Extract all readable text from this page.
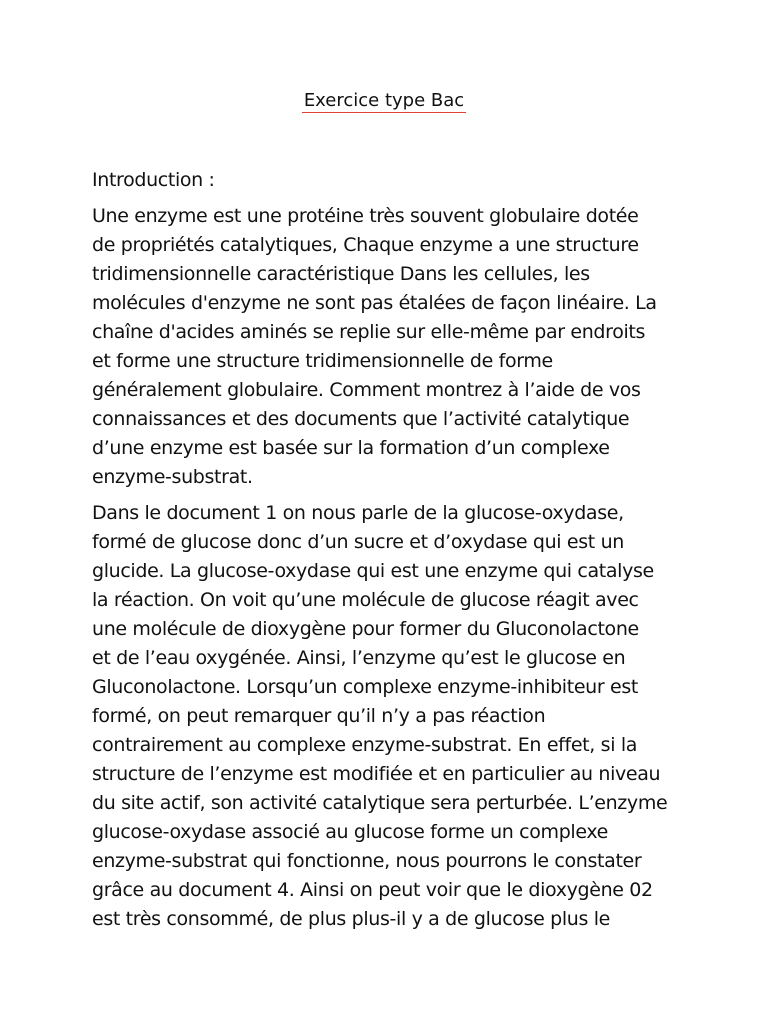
Exercice type Bac

Introduction :

Une enzyme est une protéine très souvent globulaire dotée
de propriétés catalytiques, Chaque enzyme a une structure
tridimensionnelle caractéristique Dans les cellules, les
molécules d'enzyme ne sont pas étalées de façon linéaire. La
chaîne d'acides aminés se replie sur elle-même par endroits
et forme une structure tridimensionnelle de forme
généralement globulaire. Comment montrez à l’aide de vos
connaissances et des documents que l’activité catalytique
d’une enzyme est basée sur la formation d’un complexe
enzyme-substrat.

Dans le document 1 on nous parle de la glucose-oxydase,
formé de glucose donc d’un sucre et d’oxydase qui est un
glucide. La glucose-oxydase qui est une enzyme qui catalyse
la réaction. On voit qu’une molécule de glucose réagit avec
une molécule de dioxygène pour former du Gluconolactone
et de l’eau oxygénée. Ainsi, l’enzyme qu’est le glucose en
Gluconolactone. Lorsqu’un complexe enzyme-inhibiteur est
formé, on peut remarquer qu’il n’y a pas réaction
contrairement au complexe enzyme-substrat. En effet, si la
structure de l’enzyme est modifiée et en particulier au niveau
du site actif, son activité catalytique sera perturbée. L’enzyme
glucose-oxydase associé au glucose forme un complexe
enzyme-substrat qui fonctionne, nous pourrons le constater
grâce au document 4. Ainsi on peut voir que le dioxygène 02
est très consommé, de plus plus-il y a de glucose plus le
